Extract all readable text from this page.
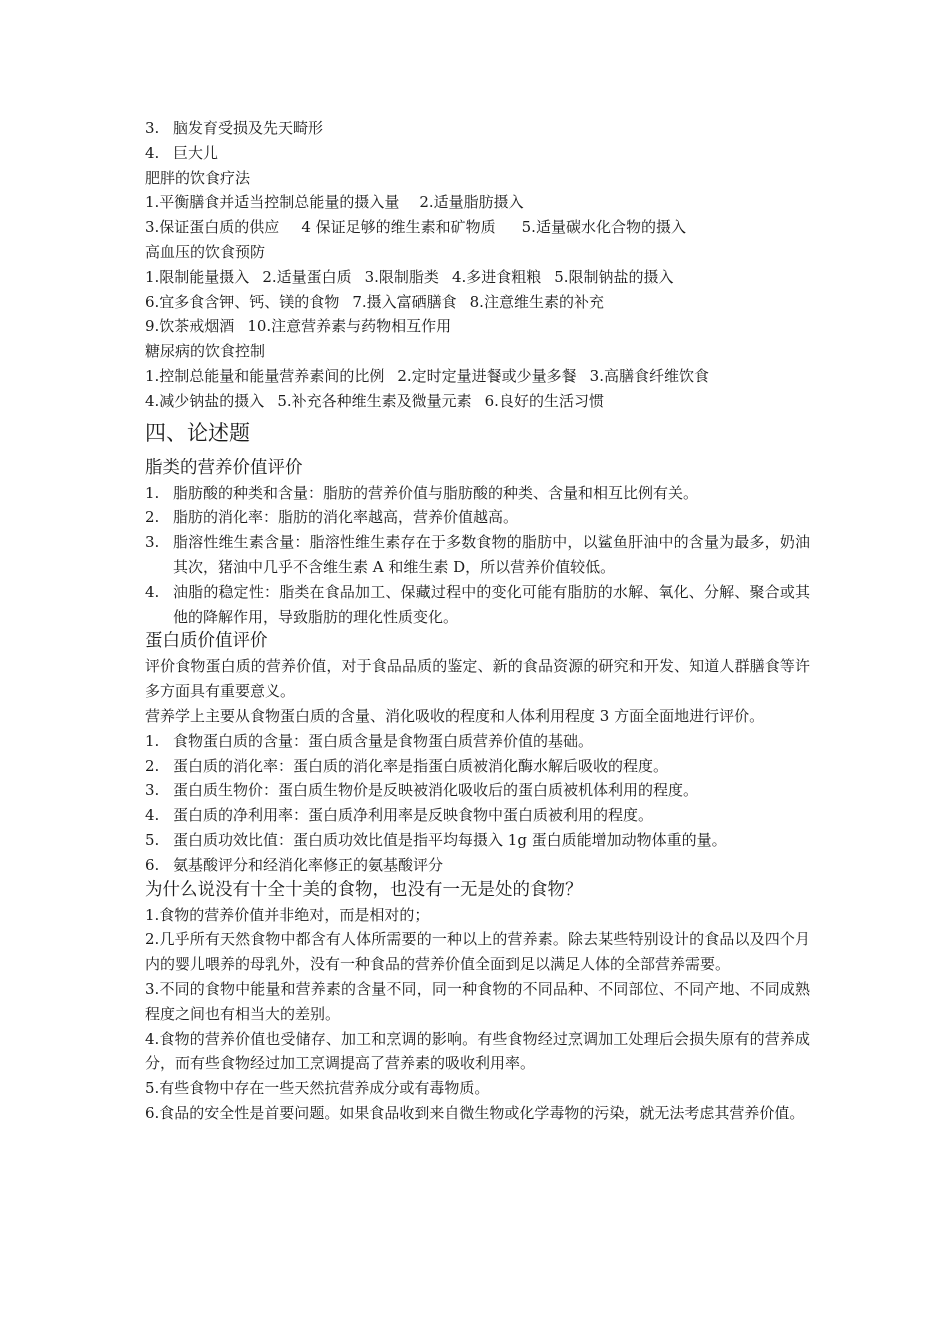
3. 脑发育受损及先天畸形
4. 巨大儿
肥胖的饮食疗法
1.平衡膳食并适当控制总能量的摄入量 2.适量脂肪摄入
3.保证蛋白质的供应 4 保证足够的维生素和矿物质 5.适量碳水化合物的摄入
高血压的饮食预防
1.限制能量摄入 2.适量蛋白质 3.限制脂类 4.多进食粗粮 5.限制钠盐的摄入
6.宜多食含钾、钙、镁的食物 7.摄入富硒膳食 8.注意维生素的补充
9.饮茶戒烟酒 10.注意营养素与药物相互作用
糖尿病的饮食控制
1.控制总能量和能量营养素间的比例 2.定时定量进餐或少量多餐 3.高膳食纤维饮食
4.减少钠盐的摄入 5.补充各种维生素及微量元素 6.良好的生活习惯
四、论述题
脂类的营养价值评价
1. 脂肪酸的种类和含量：脂肪的营养价值与脂肪酸的种类、含量和相互比例有关。
2. 脂肪的消化率：脂肪的消化率越高，营养价值越高。
3. 脂溶性维生素含量：脂溶性维生素存在于多数食物的脂肪中，以鲨鱼肝油中的含量为最多，奶油其次，猪油中几乎不含维生素 A 和维生素 D，所以营养价值较低。
4. 油脂的稳定性：脂类在食品加工、保藏过程中的变化可能有脂肪的水解、氧化、分解、聚合或其他的降解作用，导致脂肪的理化性质变化。
蛋白质价值评价
评价食物蛋白质的营养价值，对于食品品质的鉴定、新的食品资源的研究和开发、知道人群膳食等许多方面具有重要意义。
营养学上主要从食物蛋白质的含量、消化吸收的程度和人体利用程度 3 方面全面地进行评价。
1. 食物蛋白质的含量：蛋白质含量是食物蛋白质营养价值的基础。
2. 蛋白质的消化率：蛋白质的消化率是指蛋白质被消化酶水解后吸收的程度。
3. 蛋白质生物价：蛋白质生物价是反映被消化吸收后的蛋白质被机体利用的程度。
4. 蛋白质的净利用率：蛋白质净利用率是反映食物中蛋白质被利用的程度。
5. 蛋白质功效比值：蛋白质功效比值是指平均每摄入 1g 蛋白质能增加动物体重的量。
6. 氨基酸评分和经消化率修正的氨基酸评分
为什么说没有十全十美的食物，也没有一无是处的食物？
1.食物的营养价值并非绝对，而是相对的；
2.几乎所有天然食物中都含有人体所需要的一种以上的营养素。除去某些特别设计的食品以及四个月内的婴儿喂养的母乳外，没有一种食品的营养价值全面到足以满足人体的全部营养需要。
3.不同的食物中能量和营养素的含量不同，同一种食物的不同品种、不同部位、不同产地、不同成熟程度之间也有相当大的差别。
4.食物的营养价值也受储存、加工和烹调的影响。有些食物经过烹调加工处理后会损失原有的营养成分，而有些食物经过加工烹调提高了营养素的吸收利用率。
5.有些食物中存在一些天然抗营养成分或有毒物质。
6.食品的安全性是首要问题。如果食品收到来自微生物或化学毒物的污染，就无法考虑其营养价值。
